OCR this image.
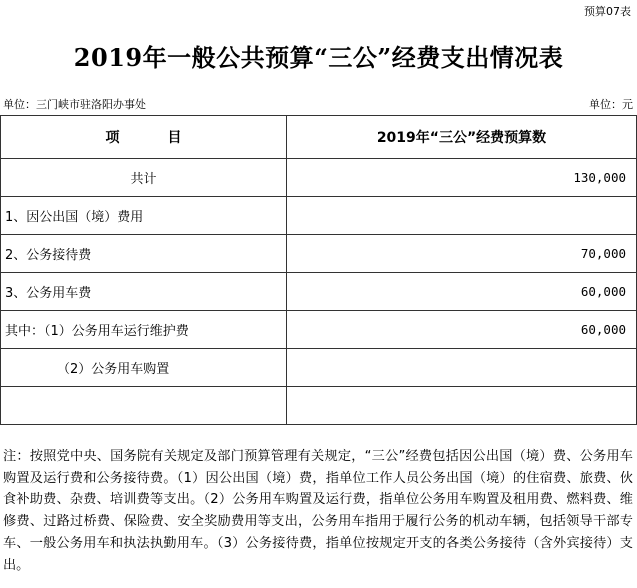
预算07表
2019年一般公共预算“三公”经费支出情况表
单位：三门峡市驻洛阳办事处	单位：元
项 目	2019年“三公”经费预算数
共计	130,000
1、因公出国（境）费用	
2、公务接待费	70,000
3、公务用车费	60,000
其中：（1）公务用车运行维护费	60,000
（2）公务用车购置	

注：按照党中央、国务院有关规定及部门预算管理有关规定，“三公”经费包括因公出国（境）费、公务用车购置及运行费和公务接待费。（1）因公出国（境）费，指单位工作人员公务出国（境）的住宿费、旅费、伙食补助费、杂费、培训费等支出。（2）公务用车购置及运行费，指单位公务用车购置及租用费、燃料费、维修费、过路过桥费、保险费、安全奖励费用等支出，公务用车指用于履行公务的机动车辆，包括领导干部专车、一般公务用车和执法执勤用车。（3）公务接待费，指单位按规定开支的各类公务接待（含外宾接待）支出。
